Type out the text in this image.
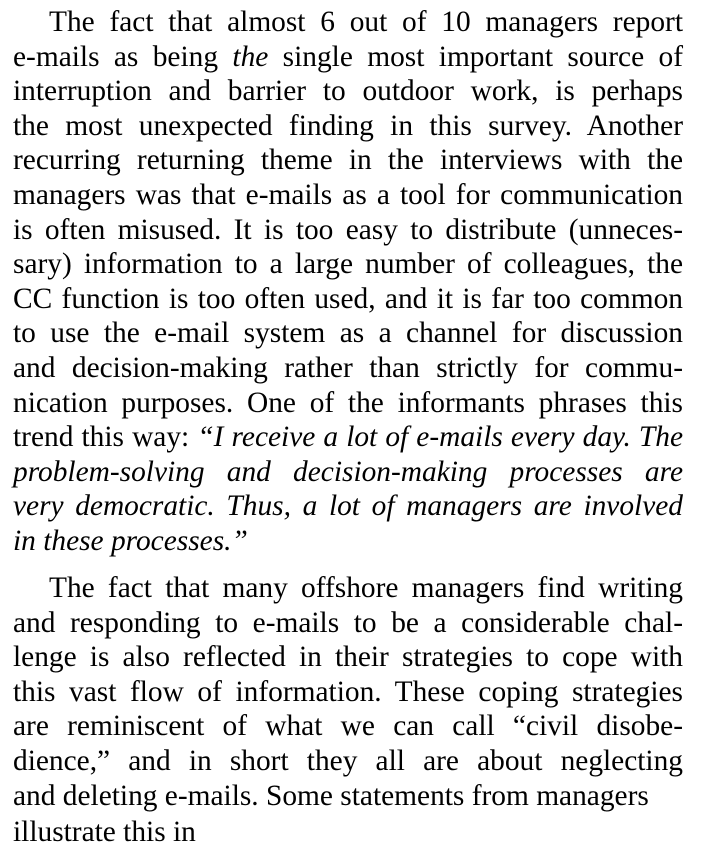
The fact that almost 6 out of 10 managers report
e-mails as being the single most important source of
interruption and barrier to outdoor work, is perhaps
the most unexpected finding in this survey. Another
recurring returning theme in the interviews with the
managers was that e-mails as a tool for communication
is often misused. It is too easy to distribute (unneces-
sary) information to a large number of colleagues, the
CC function is too often used, and it is far too common
to use the e-mail system as a channel for discussion
and decision-making rather than strictly for commu-
nication purposes. One of the informants phrases this
trend this way: “I receive a lot of e-mails every day. The
problem-solving and decision-making processes are
very democratic. Thus, a lot of managers are involved
in these processes.”
The fact that many offshore managers find writing
and responding to e-mails to be a considerable chal-
lenge is also reflected in their strategies to cope with
this vast flow of information. These coping strategies
are reminiscent of what we can call “civil disobe-
dience,” and in short they all are about neglecting
and deleting e-mails. Some statements from managers
illustrate this in
